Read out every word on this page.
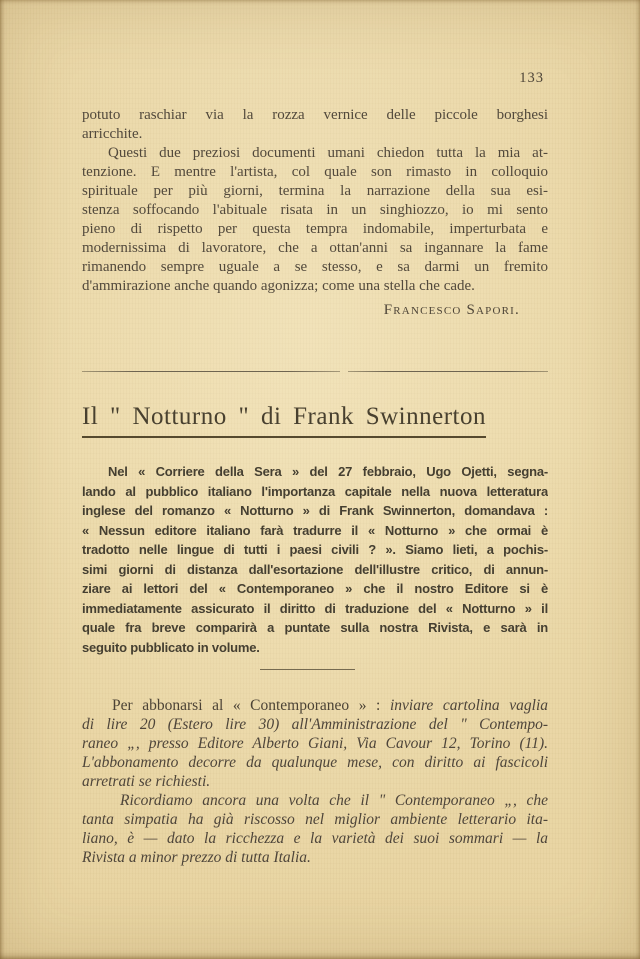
133
potuto raschiar via la rozza vernice delle piccole borghesi
arricchite.
Questi due preziosi documenti umani chiedon tutta la mia at-
tenzione. E mentre l'artista, col quale son rimasto in colloquio
spirituale per più giorni, termina la narrazione della sua esi-
stenza soffocando l'abituale risata in un singhiozzo, io mi sento
pieno di rispetto per questa tempra indomabile, imperturbata e
modernissima di lavoratore, che a ottan'anni sa ingannare la fame
rimanendo sempre uguale a se stesso, e sa darmi un fremito
d'ammirazione anche quando agonizza; come una stella che cade.
Francesco Sapori.
Il " Notturno " di Frank Swinnerton
Nel « Corriere della Sera » del 27 febbraio, Ugo Ojetti, segna-
lando al pubblico italiano l'importanza capitale nella nuova letteratura
inglese del romanzo « Notturno » di Frank Swinnerton, domandava :
« Nessun editore italiano farà tradurre il « Notturno » che ormai è
tradotto nelle lingue di tutti i paesi civili ? ». Siamo lieti, a pochis-
simi giorni di distanza dall'esortazione dell'illustre critico, di annun-
ziare ai lettori del « Contemporaneo » che il nostro Editore si è
immediatamente assicurato il diritto di traduzione del « Notturno » il
quale fra breve comparirà a puntate sulla nostra Rivista, e sarà in
seguito pubblicato in volume.
Per abbonarsi al « Contemporaneo » : inviare cartolina vaglia
di lire 20 (Estero lire 30) all'Amministrazione del " Contempo-
raneo „, presso Editore Alberto Giani, Via Cavour 12, Torino (11).
L'abbonamento decorre da qualunque mese, con diritto ai fascicoli
arretrati se richiesti.
Ricordiamo ancora una volta che il " Contemporaneo „, che
tanta simpatia ha già riscosso nel miglior ambiente letterario ita-
liano, è — dato la ricchezza e la varietà dei suoi sommari — la
Rivista a minor prezzo di tutta Italia.
